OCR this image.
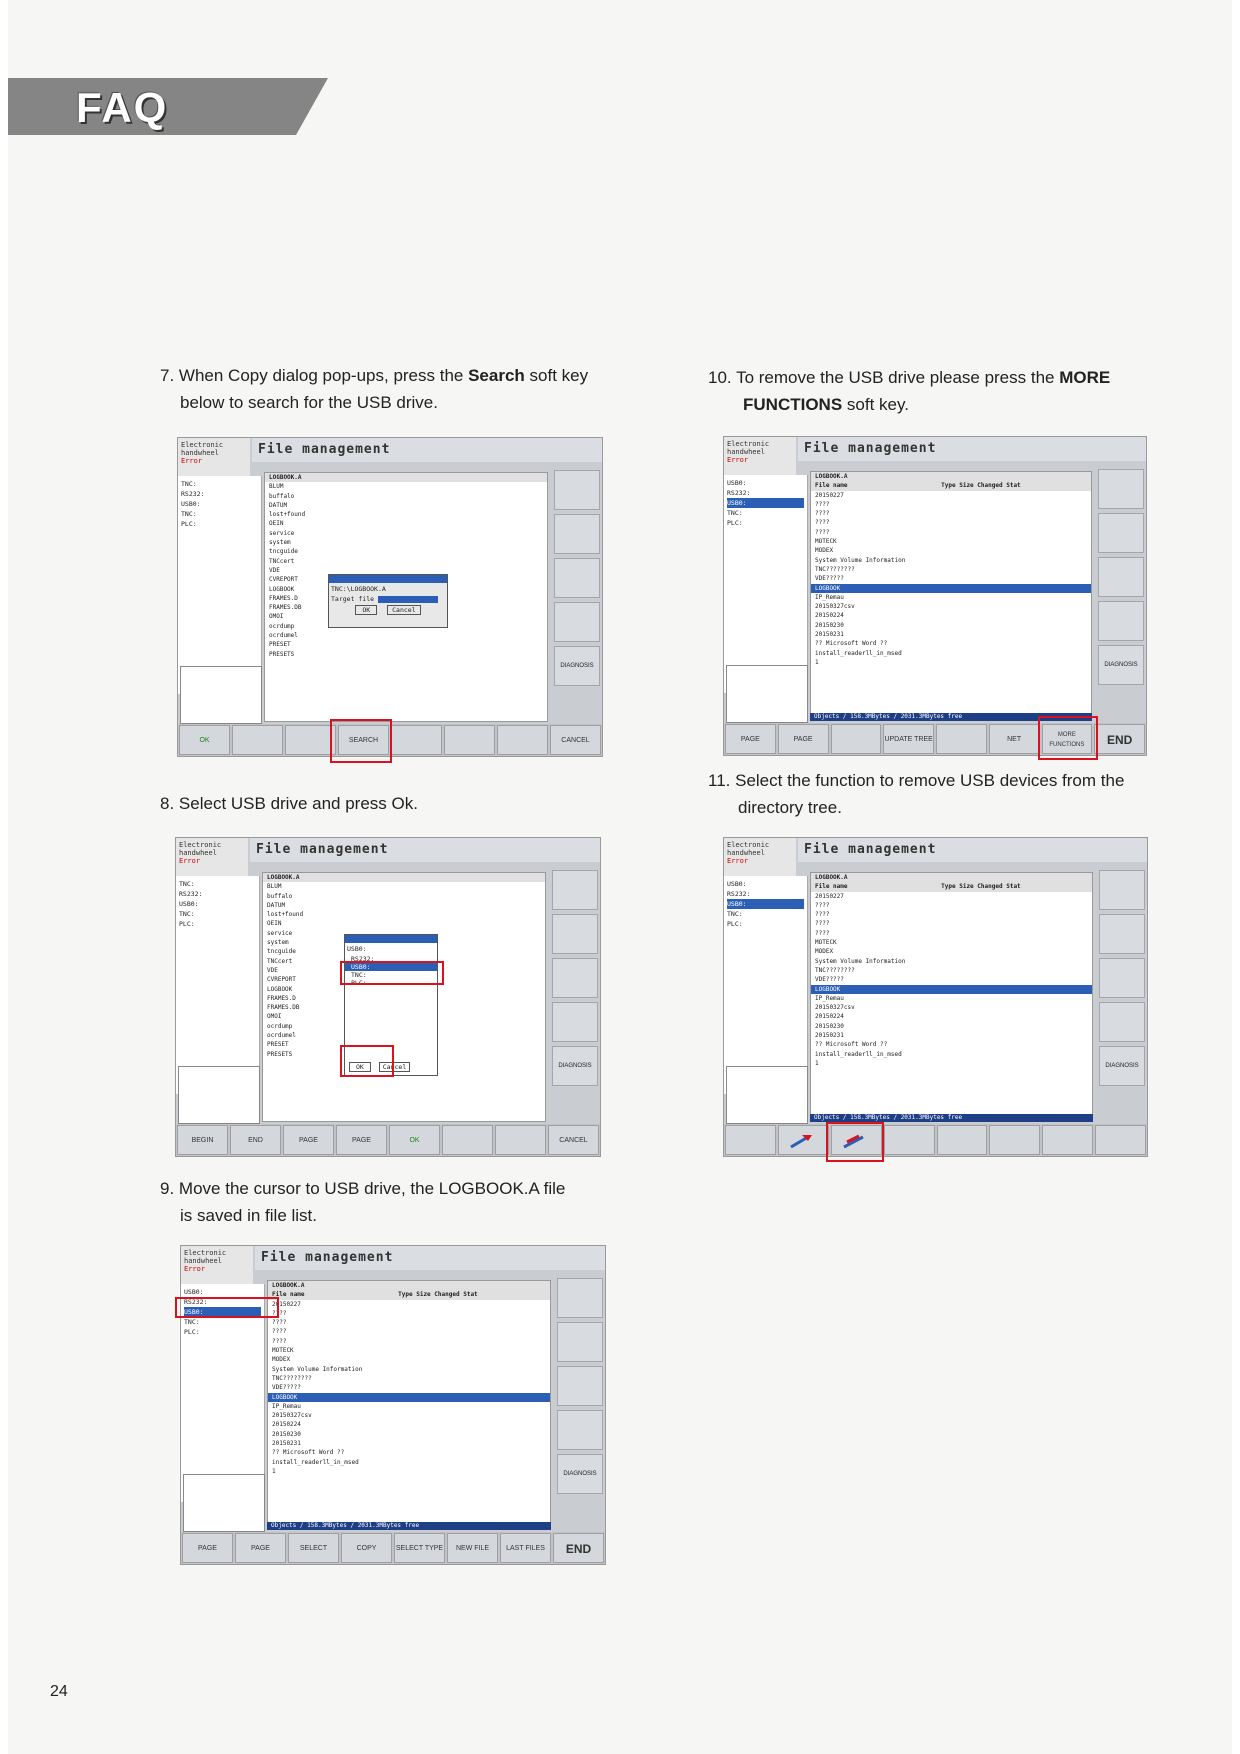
FAQ
7. When Copy dialog pop-ups, press the Search soft key
below to search for the USB drive.
10. To remove the USB drive please press the MORE
FUNCTIONS soft key.
8. Select USB drive and press Ok.
11. Select the function to remove USB devices from the
directory tree.
9. Move the cursor to USB drive, the LOGBOOK.A file
is saved in file list.
Electronic
handwheel
Error
File management
TNC:
RS232:
USB0:
TNC:
PLC:
LOGBOOK.A
BLUM
buffalo
DATUM
lost+found
OEIN
service
system
tncguide
TNCcert
VDE
CVREPORT
LOGBOOK
FRAMES.D
FRAMES.DB
OMOI
ocrdump
ocrdumel
PRESET
PRESETS
TNC:\LOGBOOK.A
Target file
OK	Cancel
DIAGNOSIS
OK	SEARCH	CANCEL
Electronic
handwheel
Error
File management
USB0:
RS232:
USB0:
TNC:
PLC:
LOGBOOK.A
File name	Type Size Changed Stat
20150227
????
????
????
????
MOTECK
MODEX
System Volume Information
TNC????????
VDE?????
LOGBOOK
IP_Remau
20150327csv
20150224
20150230
20150231
?? Microsoft Word ??
install_readerll_in_msed
1
Objects / 158.3MBytes / 2031.3MBytes free
DIAGNOSIS
PAGE	PAGE	UPDATE TREE	NET
MORE FUNCTIONS	END
Electronic
handwheel
Error
File management
TNC:
RS232:
USB0:
TNC:
PLC:
LOGBOOK.A
BLUM
buffalo
DATUM
lost+found
OEIN
service
system
tncguide
TNCcert
VDE
CVREPORT
LOGBOOK
FRAMES.D
FRAMES.DB
OMOI
ocrdump
ocrdumel
PRESET
PRESETS
USB0:
RS232:
USB0:
TNC:
PLC:
OK	Cancel	DIAGNOSIS
BEGIN	END	PAGE	PAGE	OK	CANCEL
Electronic
handwheel
Error
File management
USB0:
RS232:
USB0:
TNC:
PLC:
LOGBOOK.A
File name	Type Size Changed Stat
20150227
????
????
????
????
MOTECK
MODEX
System Volume Information
TNC????????
VDE?????
LOGBOOK
IP_Remau
20150327csv
20150224
20150230
20150231
?? Microsoft Word ??
install_readerll_in_msed
1
Objects / 158.3MBytes / 2031.3MBytes free
DIAGNOSIS
Electronic
handwheel
Error
File management
USB0:
RS232:
USB0:
TNC:
PLC:
LOGBOOK.A
File name	Type Size Changed Stat
20150227
????
????
????
????
MOTECK
MODEX
System Volume Information
TNC????????
VDE?????
LOGBOOK
IP_Remau
20150327csv
20150224
20150230
20150231
?? Microsoft Word ??
install_readerll_in_msed
1
Objects / 158.3MBytes / 2031.3MBytes free
DIAGNOSIS
PAGE	PAGE	SELECT	COPY	SELECT TYPE	NEW FILE	LAST FILES	END
24
